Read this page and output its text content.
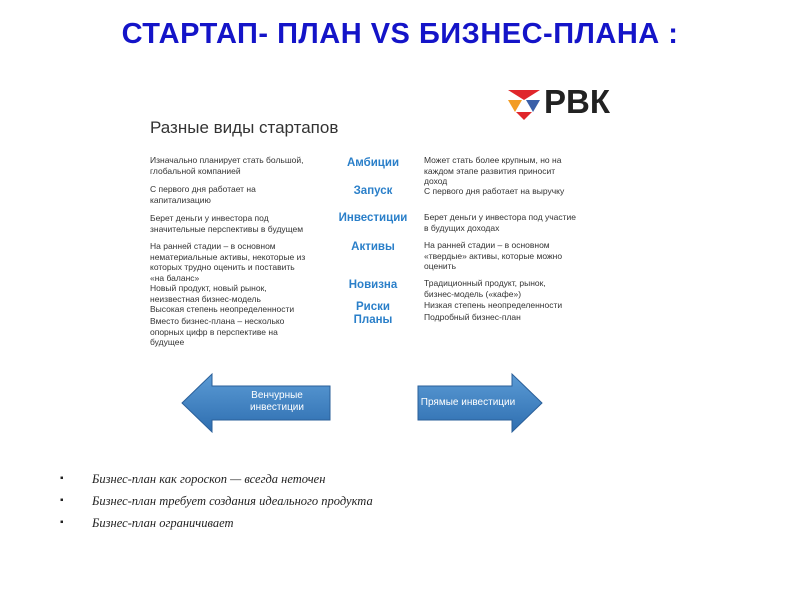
СТАРТАП- ПЛАН VS БИЗНЕС-ПЛАНА :
РВК
Разные виды стартапов
Изначально планирует стать большой,
глобальной компанией
С первого дня работает на
капитализацию
Берет деньги у инвестора под
значительные перспективы в будущем
На ранней стадии – в основном
нематериальные активы, некоторые из
которых трудно оценить и поставить
«на баланс»
Новый продукт, новый рынок,
неизвестная бизнес-модель
Высокая степень неопределенности
Вместо бизнес-плана – несколько
опорных цифр в перспективе на
будущее
Амбиции
Запуск
Инвестиции
Активы
Новизна
Риски
Планы
Может стать более крупным, но на
каждом этапе развития приносит
доход
С первого дня работает на выручку
Берет деньги у инвестора под участие
в будущих доходах
На ранней стадии – в основном
«твердые» активы, которые можно
оценить
Традиционный продукт, рынок,
бизнес-модель («кафе»)
Низкая степень неопределенности
Подробный бизнес-план
Венчурные
инвестиции	Прямые инвестиции
▪ Бизнес-план как гороскоп — всегда неточен
▪ Бизнес-план требует создания идеального продукта
▪ Бизнес-план ограничивает
